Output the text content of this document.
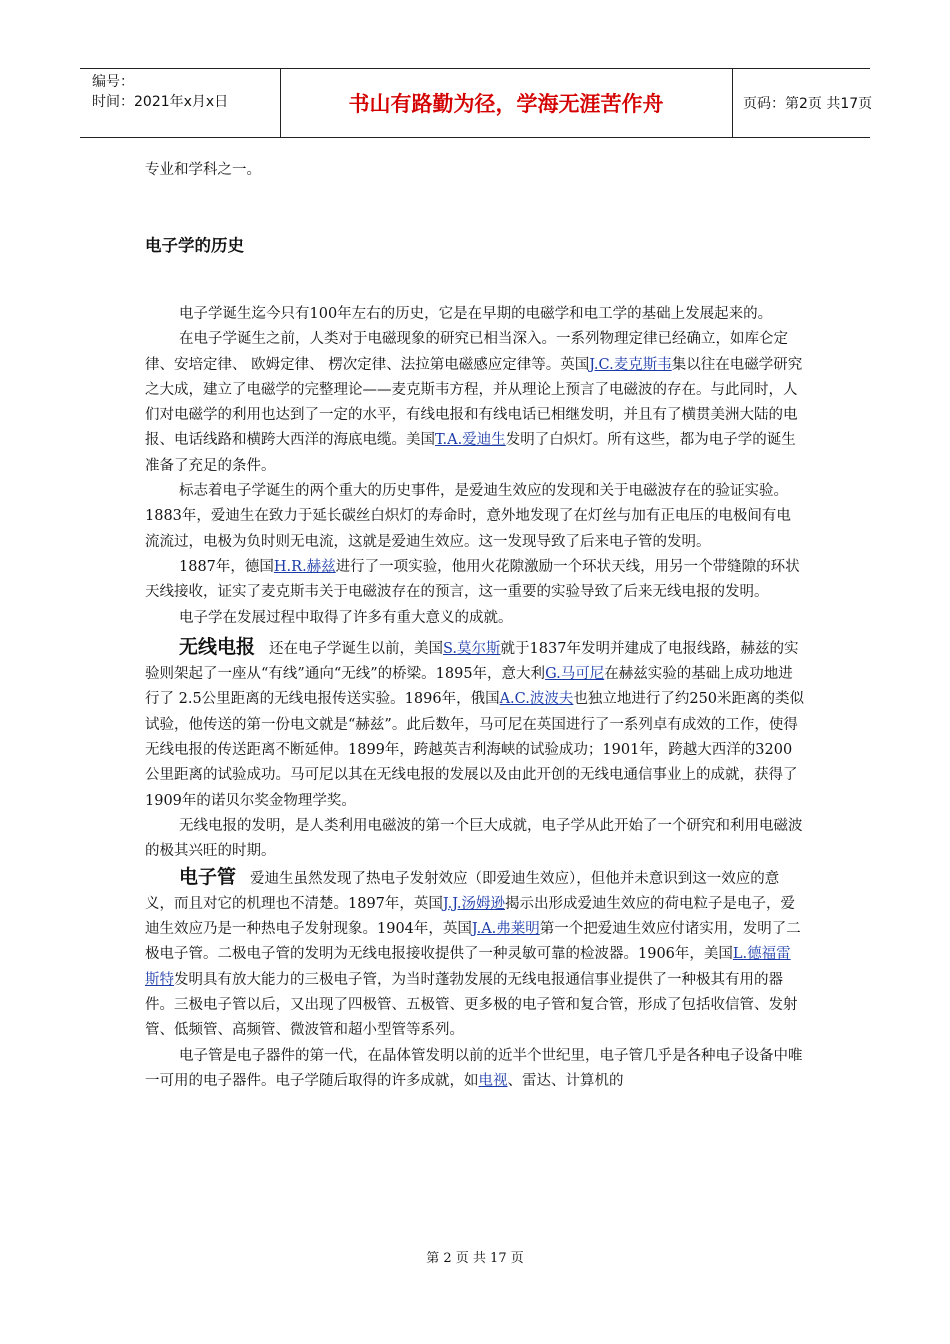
编号：
时间：2021年x月x日	书山有路勤为径，学海无涯苦作舟	页码：第2页 共17页
专业和学科之一。
电子学的历史

电子学诞生迄今只有100年左右的历史，它是在早期的电磁学和电工学的基础上发展起来的。

在电子学诞生之前，人类对于电磁现象的研究已相当深入。一系列物理定律已经确立，如库仑定律、安培定律、 欧姆定律、 楞次定律、法拉第电磁感应定律等。英国J.C.麦克斯韦集以往在电磁学研究之大成，建立了电磁学的完整理论——麦克斯韦方程，并从理论上预言了电磁波的存在。与此同时，人们对电磁学的利用也达到了一定的水平，有线电报和有线电话已相继发明，并且有了横贯美洲大陆的电报、电话线路和横跨大西洋的海底电缆。美国T.A.爱迪生发明了白炽灯。所有这些，都为电子学的诞生准备了充足的条件。

标志着电子学诞生的两个重大的历史事件，是爱迪生效应的发现和关于电磁波存在的验证实验。1883年，爱迪生在致力于延长碳丝白炽灯的寿命时，意外地发现了在灯丝与加有正电压的电极间有电流流过，电极为负时则无电流，这就是爱迪生效应。这一发现导致了后来电子管的发明。

1887年，德国H.R.赫兹进行了一项实验，他用火花隙激励一个环状天线，用另一个带缝隙的环状天线接收，证实了麦克斯韦关于电磁波存在的预言，这一重要的实验导致了后来无线电报的发明。

电子学在发展过程中取得了许多有重大意义的成就。

无线电报 还在电子学诞生以前，美国S.莫尔斯就于1837年发明并建成了电报线路，赫兹的实验则架起了一座从“有线”通向“无线”的桥梁。1895年，意大利G.马可尼在赫兹实验的基础上成功地进行了 2.5公里距离的无线电报传送实验。1896年，俄国A.C.波波夫也独立地进行了约250米距离的类似试验，他传送的第一份电文就是“赫兹”。此后数年，马可尼在英国进行了一系列卓有成效的工作，使得无线电报的传送距离不断延伸。1899年，跨越英吉利海峡的试验成功；1901年，跨越大西洋的3200公里距离的试验成功。马可尼以其在无线电报的发展以及由此开创的无线电通信事业上的成就，获得了1909年的诺贝尔奖金物理学奖。

无线电报的发明，是人类利用电磁波的第一个巨大成就，电子学从此开始了一个研究和利用电磁波的极其兴旺的时期。

电子管 爱迪生虽然发现了热电子发射效应（即爱迪生效应），但他并未意识到这一效应的意义，而且对它的机理也不清楚。1897年，英国J.J.汤姆逊揭示出形成爱迪生效应的荷电粒子是电子，爱迪生效应乃是一种热电子发射现象。1904年，英国J.A.弗莱明第一个把爱迪生效应付诸实用，发明了二极电子管。二极电子管的发明为无线电报接收提供了一种灵敏可靠的检波器。1906年，美国L.德福雷斯特发明具有放大能力的三极电子管，为当时蓬勃发展的无线电报通信事业提供了一种极其有用的器件。三极电子管以后，又出现了四极管、五极管、更多极的电子管和复合管，形成了包括收信管、发射管、低频管、高频管、微波管和超小型管等系列。

电子管是电子器件的第一代，在晶体管发明以前的近半个世纪里，电子管几乎是各种电子设备中唯一可用的电子器件。电子学随后取得的许多成就，如电视、雷达、计算机的

第 2 页 共 17 页
